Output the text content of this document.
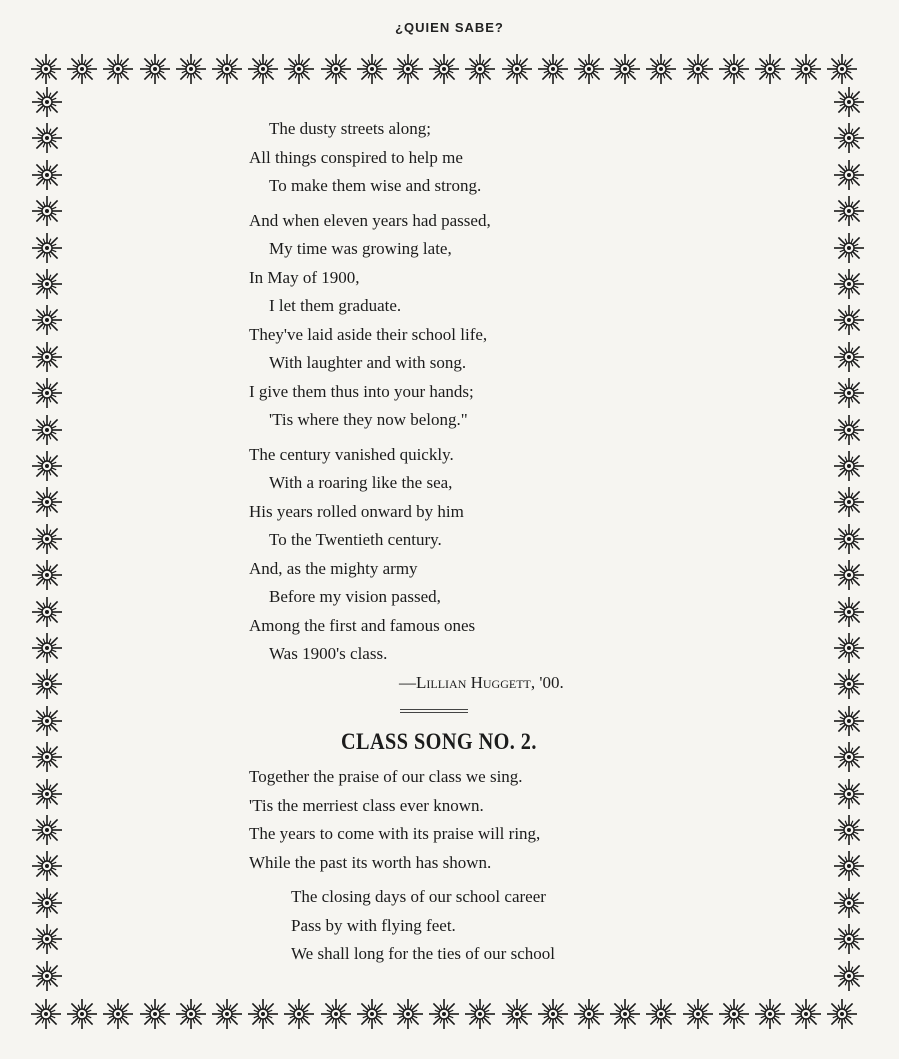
¿QUIEN SABE?

The dusty streets along;

All things conspired to help me

To make them wise and strong.

And when eleven years had passed,

My time was growing late,

In May of 1900,

I let them graduate.

They've laid aside their school life,

With laughter and with song.

I give them thus into your hands;

'Tis where they now belong."

The century vanished quickly.

With a roaring like the sea,

His years rolled onward by him

To the Twentieth century.

And, as the mighty army

Before my vision passed,

Among the first and famous ones

Was 1900's class.

—Lillian Huggett, '00.

CLASS SONG NO. 2.

Together the praise of our class we sing.

'Tis the merriest class ever known.

The years to come with its praise will ring,

While the past its worth has shown.

The closing days of our school career

Pass by with flying feet.

We shall long for the ties of our school
